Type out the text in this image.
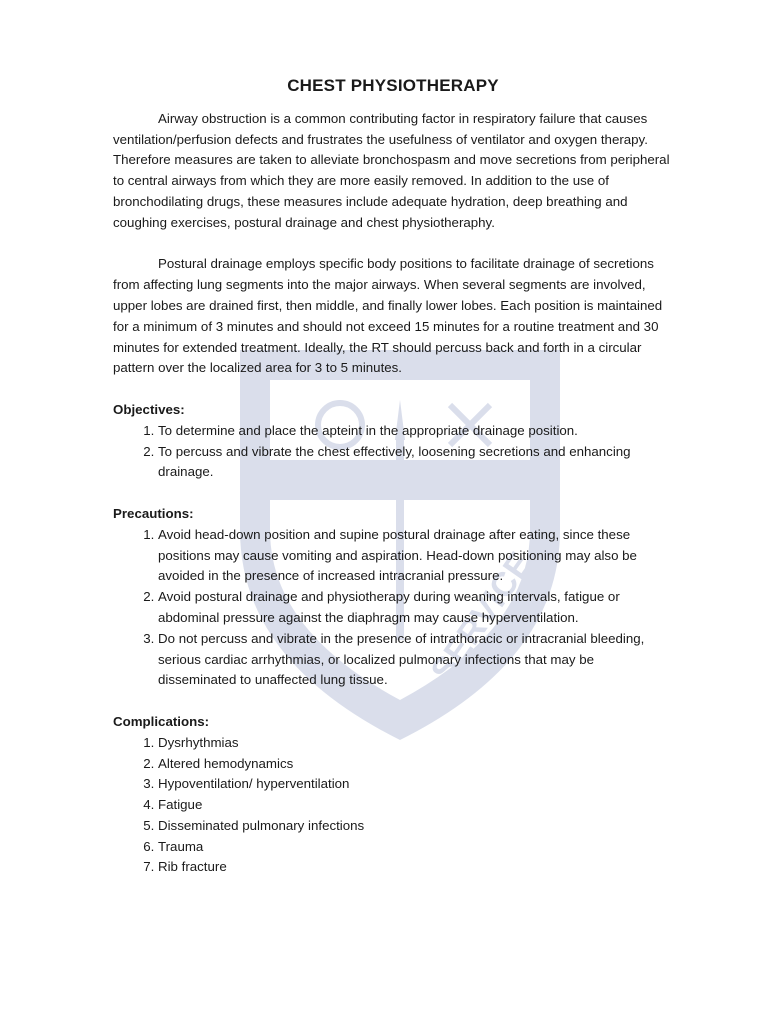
SERVICE
CHEST PHYSIOTHERAPY

Airway obstruction is a common contributing factor in respiratory failure that causes ventilation/perfusion defects and frustrates the usefulness of ventilator and oxygen therapy. Therefore measures are taken to alleviate bronchospasm and move secretions from peripheral to central airways from which they are more easily removed. In addition to the use of bronchodilating drugs, these measures include adequate hydration, deep breathing and coughing exercises, postural drainage and chest physiotheraphy.

Postural drainage employs specific body positions to facilitate drainage of secretions from affecting lung segments into the major airways. When several segments are involved, upper lobes are drained first, then middle, and finally lower lobes. Each position is maintained for a minimum of 3 minutes and should not exceed 15 minutes for a routine treatment and 30 minutes for extended treatment. Ideally, the RT should percuss back and forth in a circular pattern over the localized area for 3 to 5 minutes.

Objectives:
1. To determine and place the apteint in the appropriate drainage position.
2. To percuss and vibrate the chest effectively, loosening secretions and enhancing drainage.
Precautions:
1. Avoid head-down position and supine postural drainage after eating, since these positions may cause vomiting and aspiration. Head-down positioning may also be avoided in the presence of increased intracranial pressure.
2. Avoid postural drainage and physiotherapy during weaning intervals, fatigue or abdominal pressure against the diaphragm may cause hyperventilation.
3. Do not percuss and vibrate in the presence of intrathoracic or intracranial bleeding, serious cardiac arrhythmias, or localized pulmonary infections that may be disseminated to unaffected lung tissue.
Complications:
1. Dysrhythmias
2. Altered hemodynamics
3. Hypoventilation/ hyperventilation
4. Fatigue
5. Disseminated pulmonary infections
6. Trauma
7. Rib fracture
